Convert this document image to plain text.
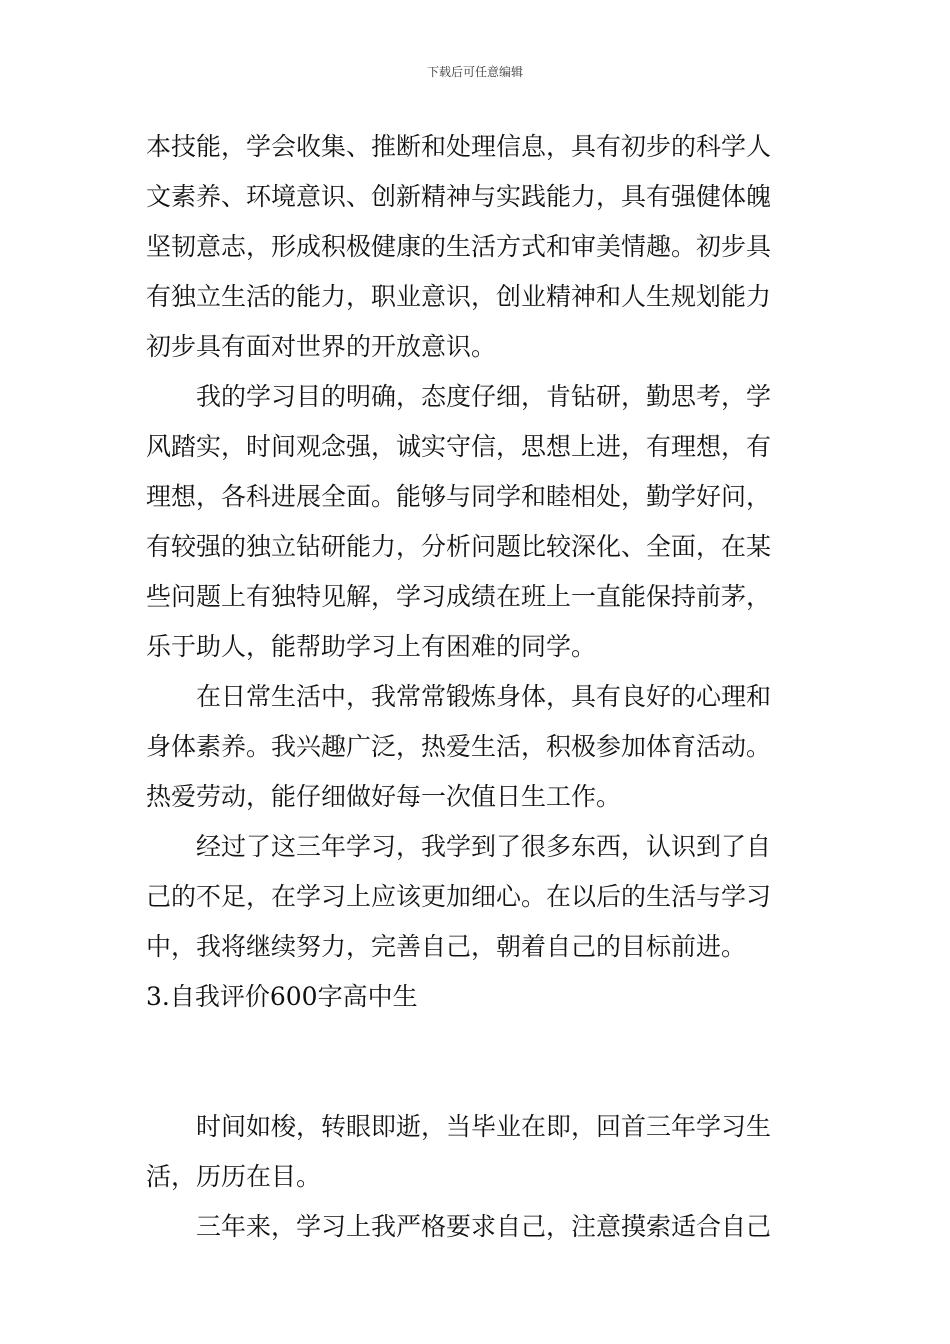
下载后可任意编辑
本技能，学会收集、推断和处理信息，具有初步的科学人
文素养、环境意识、创新精神与实践能力，具有强健体魄
坚韧意志，形成积极健康的生活方式和审美情趣。初步具
有独立生活的能力，职业意识，创业精神和人生规划能力
初步具有面对世界的开放意识。
我的学习目的明确，态度仔细，肯钻研，勤思考，学
风踏实，时间观念强，诚实守信，思想上进，有理想，有
理想，各科进展全面。能够与同学和睦相处，勤学好问，
有较强的独立钻研能力，分析问题比较深化、全面，在某
些问题上有独特见解，学习成绩在班上一直能保持前茅，
乐于助人，能帮助学习上有困难的同学。
在日常生活中，我常常锻炼身体，具有良好的心理和
身体素养。我兴趣广泛，热爱生活，积极参加体育活动。
热爱劳动，能仔细做好每一次值日生工作。
经过了这三年学习，我学到了很多东西，认识到了自
己的不足，在学习上应该更加细心。在以后的生活与学习
中，我将继续努力，完善自己，朝着自己的目标前进。
3.自我评价600字高中生
时间如梭，转眼即逝，当毕业在即，回首三年学习生
活，历历在目。
三年来，学习上我严格要求自己，注意摸索适合自己
